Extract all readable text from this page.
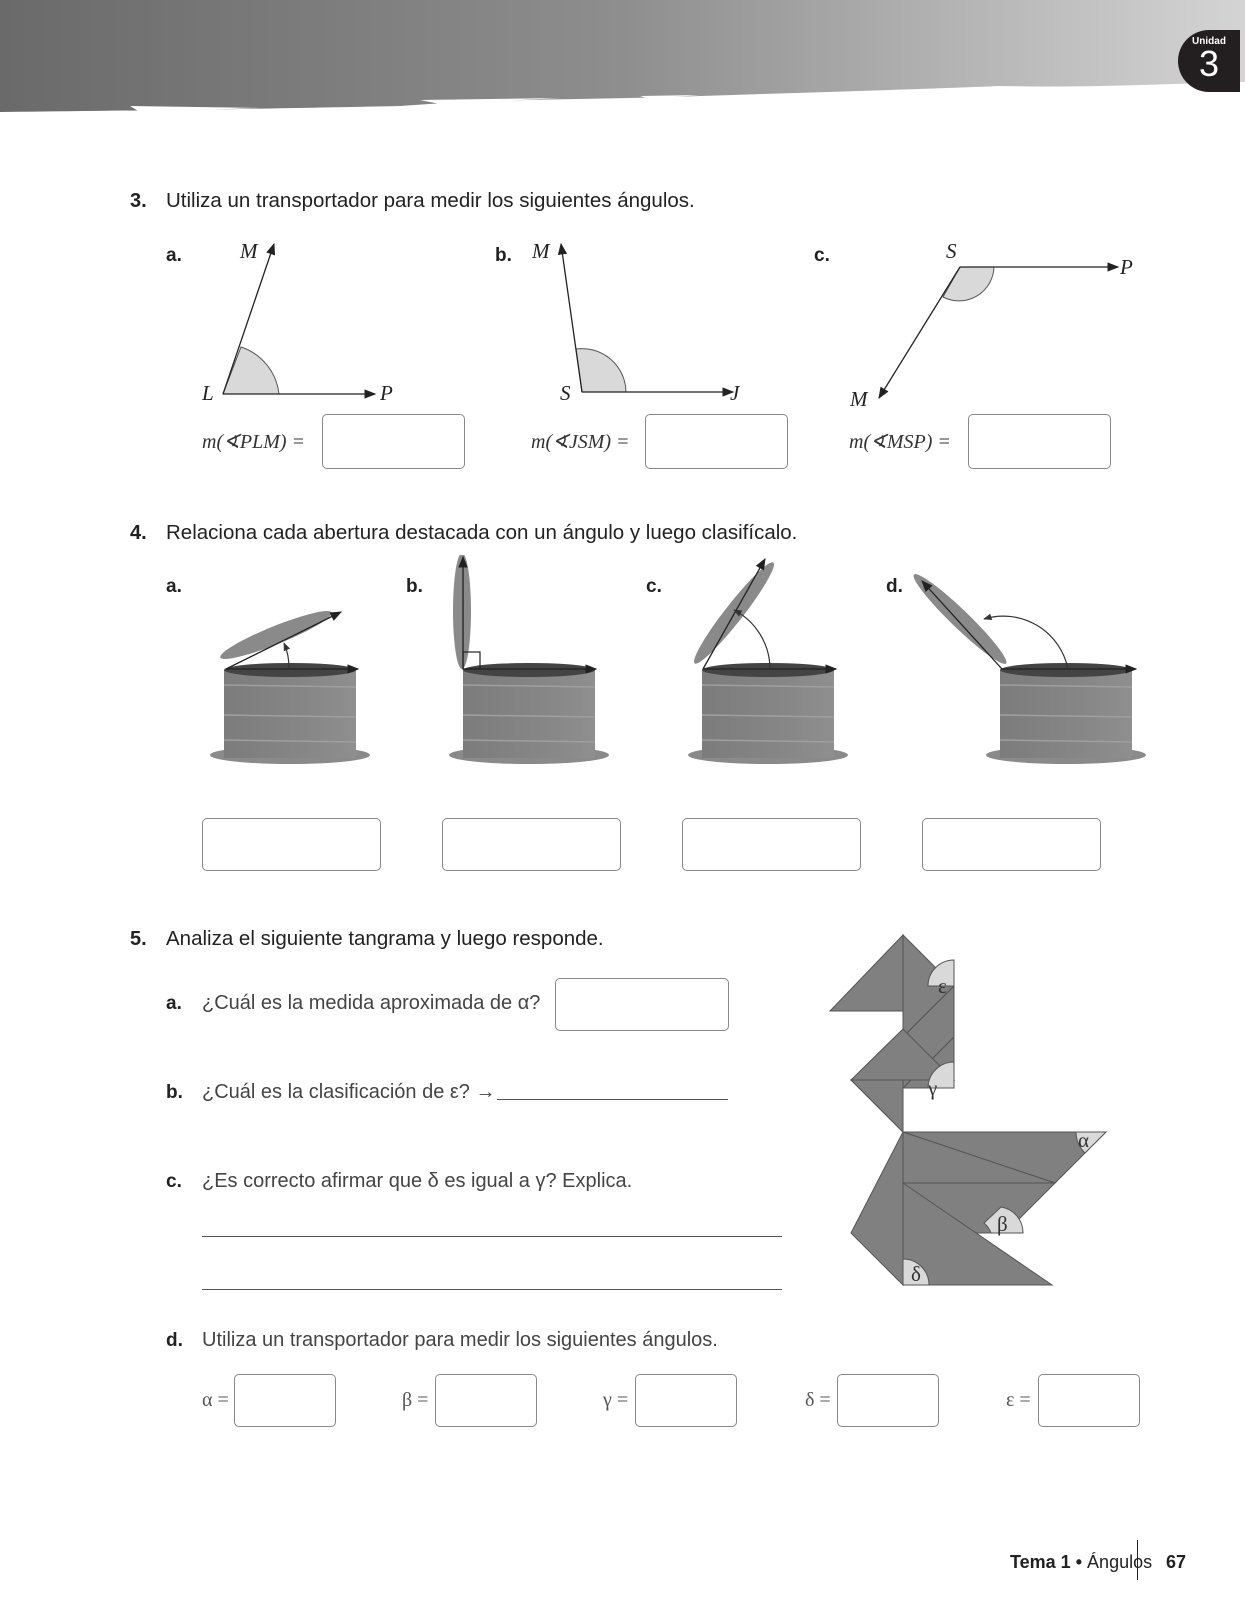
Unidad
3
3. Utiliza un transportador para medir los siguientes ángulos.
a.	b.	c.
L
M
P	S
M
J
S
P
M
m(∢PLM) =	m(∢JSM) =	m(∢MSP) =
4. Relaciona cada abertura destacada con un ángulo y luego clasifícalo.
a.	b.	c.	d.
5. Analiza el siguiente tangrama y luego responde.
a. ¿Cuál es la medida aproximada de α?
b. ¿Cuál es la clasificación de ε? →
c. ¿Es correcto afirmar que δ es igual a γ? Explica.
ε
γ
α
β
δ
d. Utiliza un transportador para medir los siguientes ángulos.
α =	β =	γ =	δ =	ε =
Tema 1 • Ángulos 67
